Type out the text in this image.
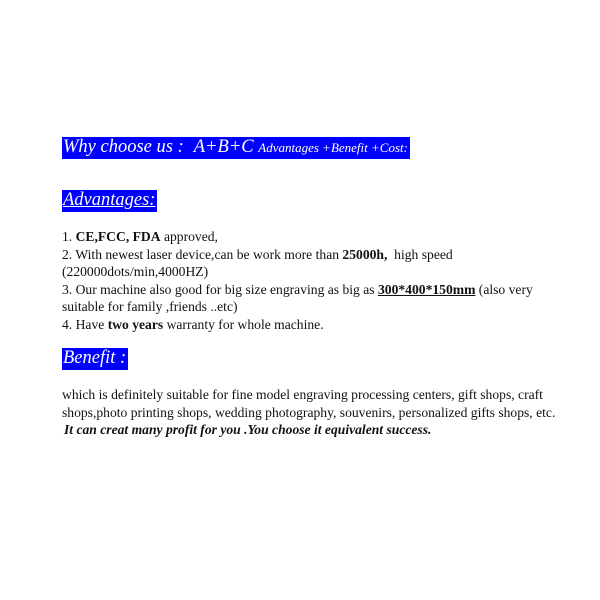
Why choose us : A+B+C Advantages +Benefit +Cost:
Advantages:

1. CE,FCC, FDA approved,

2. With newest laser device,can be work more than 25000h,  high speed
(220000dots/min,4000HZ)

3. Our machine also good for big size engraving as big as 300*400*150mm (also very suitable for family ,friends ..etc)

4. Have two years warranty for whole machine.

Benefit :

which is definitely suitable for fine model engraving processing centers, gift shops, craft shops,photo printing shops, wedding photography, souvenirs, personalized gifts shops, etc.

It can creat many profit for you .You choose it equivalent success.
